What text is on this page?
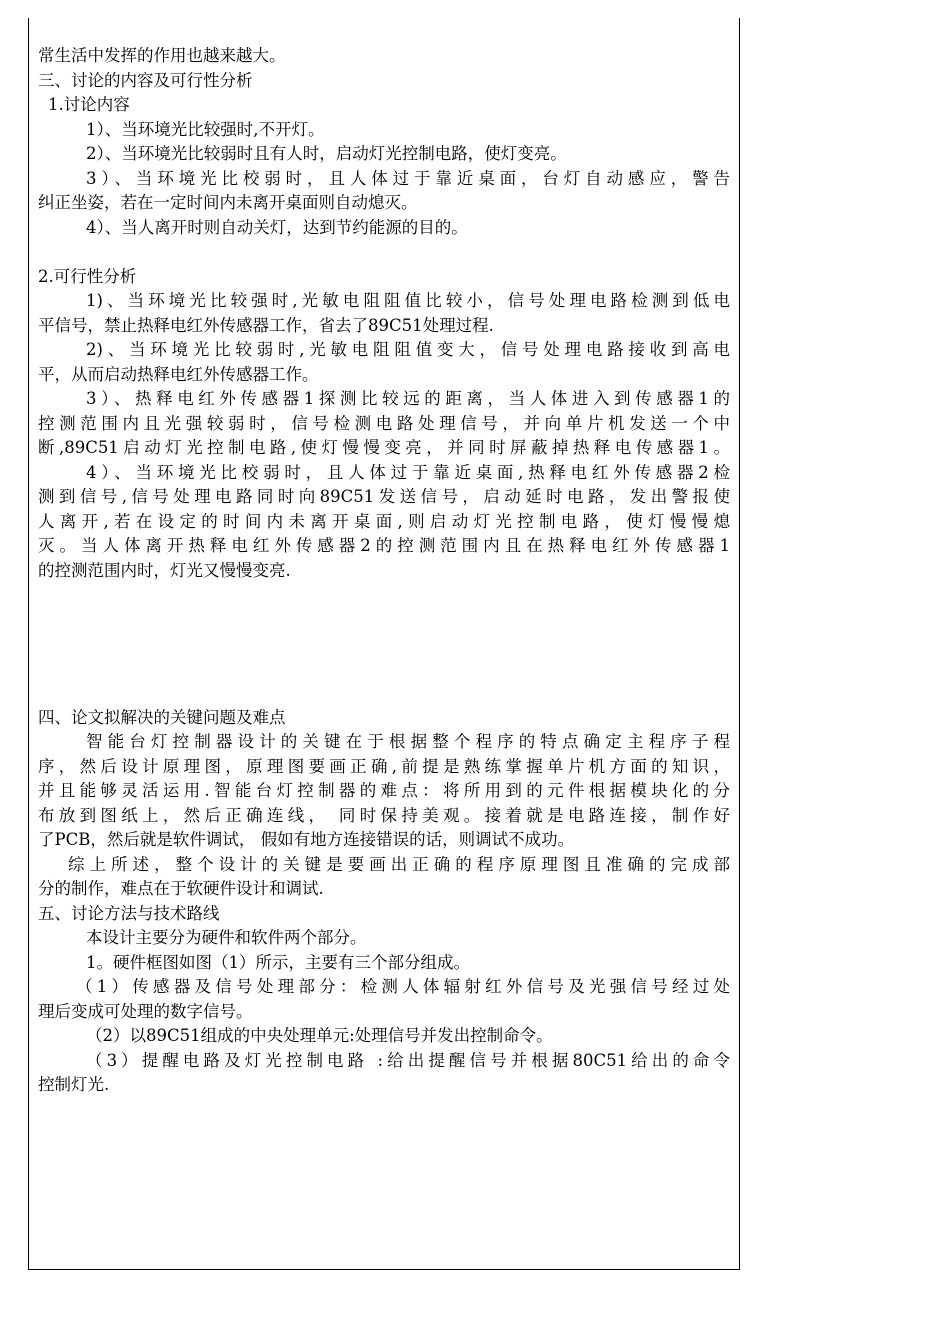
常生活中发挥的作用也越来越大。
三、讨论的内容及可行性分析
1.讨论内容
1）、当环境光比较强时,不开灯。
2）、当环境光比较弱时且有人时，启动灯光控制电路，使灯变亮。
3）、当环境光比校弱时，且人体过于靠近桌面，台灯自动感应，警告
纠正坐姿，若在一定时间内未离开桌面则自动熄灭。
4）、当人离开时则自动关灯，达到节约能源的目的。
2.可行性分析
1)、当环境光比较强时,光敏电阻阻值比较小，信号处理电路检测到低电
平信号，禁止热释电红外传感器工作，省去了89C51处理过程.
2)、当环境光比较弱时,光敏电阻阻值变大，信号处理电路接收到高电
平，从而启动热释电红外传感器工作。
3）、热释电红外传感器1探测比较远的距离，当人体进入到传感器1的
控测范围内且光强较弱时，信号检测电路处理信号，并向单片机发送一个中
断,89C51启动灯光控制电路,使灯慢慢变亮，并同时屏蔽掉热释电传感器1。
4）、当环境光比校弱时，且人体过于靠近桌面,热释电红外传感器2检
测到信号,信号处理电路同时向89C51发送信号，启动延时电路，发出警报使
人离开,若在设定的时间内未离开桌面,则启动灯光控制电路，使灯慢慢熄
灭。当人体离开热释电红外传感器2的控测范围内且在热释电红外传感器1
的控测范围内时，灯光又慢慢变亮.
四、论文拟解决的关键问题及难点
智能台灯控制器设计的关键在于根据整个程序的特点确定主程序子程
序，然后设计原理图，原理图要画正确,前提是熟练掌握单片机方面的知识，
并且能够灵活运用.智能台灯控制器的难点：将所用到的元件根据模块化的分
布放到图纸上，然后正确连线， 同时保持美观。接着就是电路连接，制作好
了PCB，然后就是软件调试， 假如有地方连接错误的话，则调试不成功。
综上所述，整个设计的关键是要画出正确的程序原理图且准确的完成部
分的制作，难点在于软硬件设计和调试.
五、讨论方法与技术路线
本设计主要分为硬件和软件两个部分。
1。硬件框图如图（1）所示，主要有三个部分组成。
（1）传感器及信号处理部分：检测人体辐射红外信号及光强信号经过处
理后变成可处理的数字信号。
（2）以89C51组成的中央处理单元:处理信号并发出控制命令。
（3）提醒电路及灯光控制电路 :给出提醒信号并根据80C51给出的命令
控制灯光.
